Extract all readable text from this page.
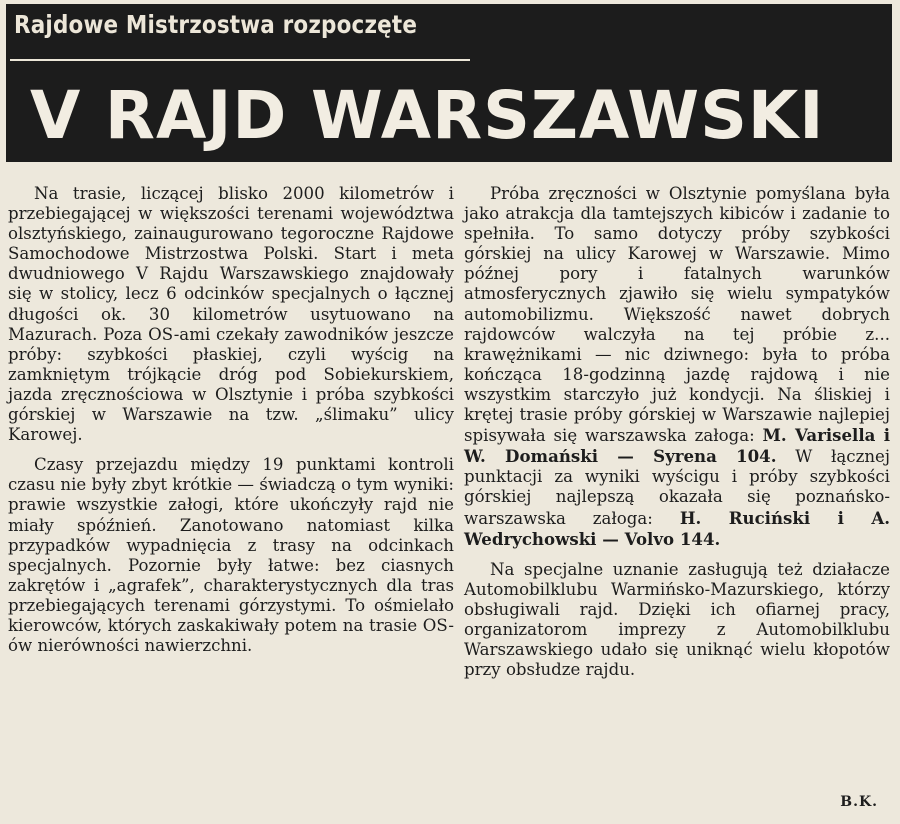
Rajdowe Mistrzostwa rozpoczęte
V RAJD WARSZAWSKI

Na trasie, liczącej blisko 2000 kilometrów i przebiegającej w większości terenami województwa olsztyńskiego, zainaugurowano tegoroczne Rajdowe Samochodowe Mistrzostwa Polski. Start i meta dwudniowego V Rajdu Warszawskiego znajdowały się w stolicy, lecz 6 odcinków specjalnych o łącznej długości ok. 30 kilometrów usytuowano na Mazurach. Poza OS-ami czekały zawodników jeszcze próby: szybkości płaskiej, czyli wyścig na zamkniętym trójkącie dróg pod Sobiekurskiem, jazda zręcznościowa w Olsztynie i próba szybkości górskiej w Warszawie na tzw. „ślimaku” ulicy Karowej.

Czasy przejazdu między 19 punktami kontroli czasu nie były zbyt krótkie — świadczą o tym wyniki: prawie wszystkie załogi, które ukończyły rajd nie miały spóźnień. Zanotowano natomiast kilka przypadków wypadnięcia z trasy na odcinkach specjalnych. Pozornie były łatwe: bez ciasnych zakrętów i „agrafek”, charakterystycznych dla tras przebiegających terenami górzystymi. To ośmielało kierowców, których zaskakiwały potem na trasie OS-ów nierówności nawierzchni.

Próba zręczności w Olsztynie pomyślana była jako atrakcja dla tamtejszych kibiców i zadanie to spełniła. To samo dotyczy próby szybkości górskiej na ulicy Karowej w Warszawie. Mimo późnej pory i fatalnych warunków atmosferycznych zjawiło się wielu sympatyków automobilizmu. Większość nawet dobrych rajdowców walczyła na tej próbie z... krawężnikami — nic dziwnego: była to próba kończąca 18-godzinną jazdę rajdową i nie wszystkim starczyło już kondycji. Na śliskiej i krętej trasie próby górskiej w Warszawie najlepiej spisywała się warszawska załoga: M. Varisella i W. Domański — Syrena 104. W łącznej punktacji za wyniki wyścigu i próby szybkości górskiej najlepszą okazała się poznańsko-warszawska załoga: H. Ruciński i A. Wedrychowski — Volvo 144.

Na specjalne uznanie zasługują też działacze Automobilklubu Warmińsko-Mazurskiego, którzy obsługiwali rajd. Dzięki ich ofiarnej pracy, organizatorom imprezy z Automobilklubu Warszawskiego udało się uniknąć wielu kłopotów przy obsłudze rajdu.

B.K.
